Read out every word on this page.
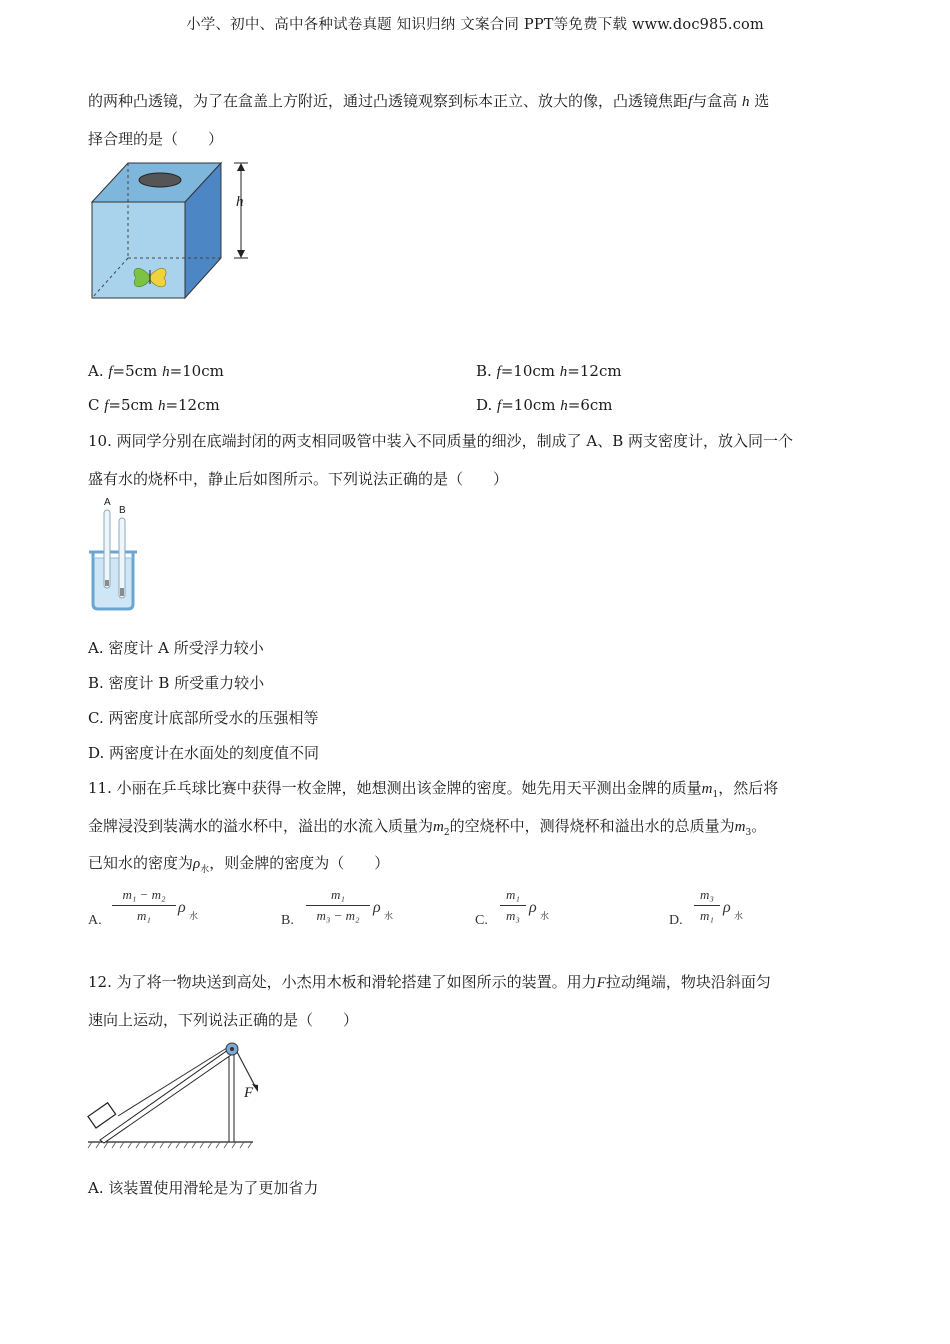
小学、初中、高中各种试卷真题 知识归纳 文案合同 PPT等免费下载 www.doc985.com
的两种凸透镜，为了在盒盖上方附近，通过凸透镜观察到标本正立、放大的像，凸透镜焦距f与盒高 h 选
择合理的是（　　）
h
A. f=5cm h=10cm	B. f=10cm h=12cm
C f=5cm h=12cm	D. f=10cm h=6cm
10. 两同学分别在底端封闭的两支相同吸管中装入不同质量的细沙，制成了 A、B 两支密度计，放入同一个
盛有水的烧杯中，静止后如图所示。下列说法正确的是（　　）
A
B
A. 密度计 A 所受浮力较小
B. 密度计 B 所受重力较小
C. 两密度计底部所受水的压强相等
D. 两密度计在水面处的刻度值不同
11. 小丽在乒乓球比赛中获得一枚金牌，她想测出该金牌的密度。她先用天平测出金牌的质量$m_1$，然后将
金牌浸没到装满水的溢水杯中，溢出的水流入质量为$m_2$的空烧杯中，测得烧杯和溢出水的总质量为$m_3$。
已知水的密度为$\rho_水$，则金牌的密度为（　　）
A.
m₁ − m₂
m₁	ρ
水	B.
m₁
m₃ − m₂ ρ
水	C.
m₁
m₃ ρ
水	D.
m₃
m₁ ρ
水
12. 为了将一物块送到高处，小杰用木板和滑轮搭建了如图所示的装置。用力F拉动绳端，物块沿斜面匀
速向上运动，下列说法正确的是（　　）
F
A. 该装置使用滑轮是为了更加省力
